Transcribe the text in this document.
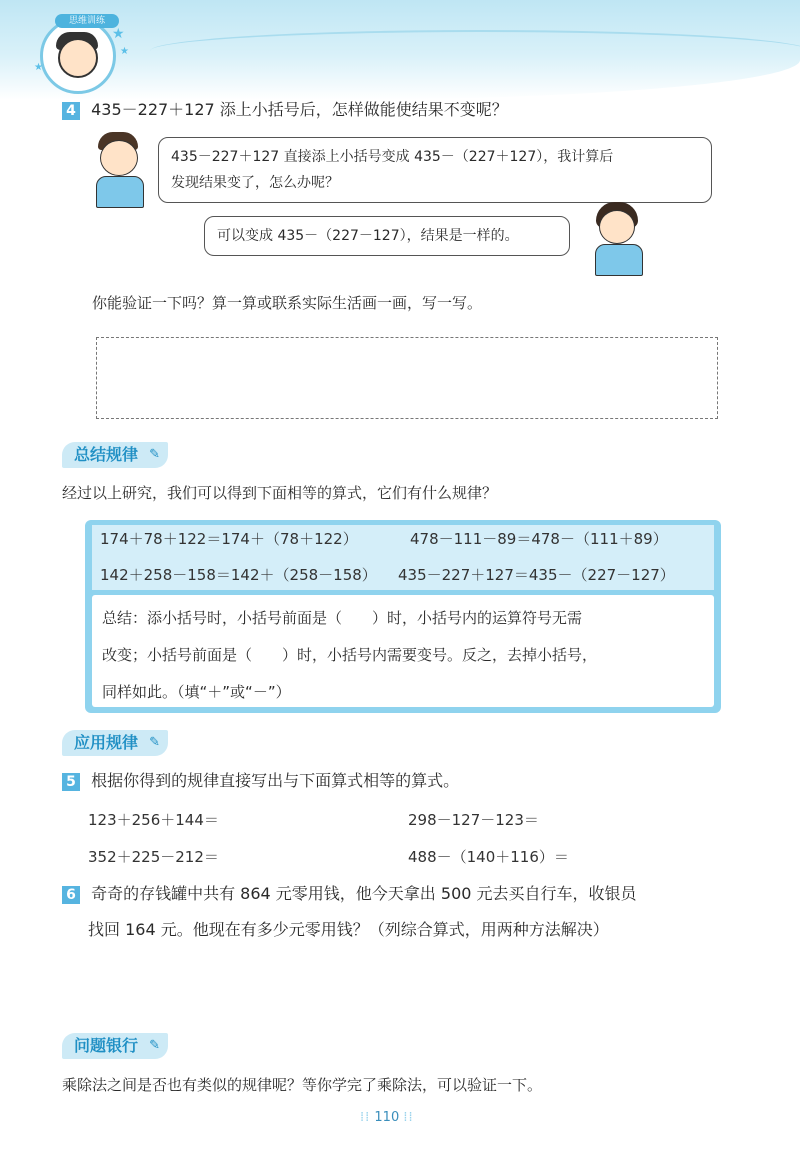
思维训练
★
★
★
4 435－227＋127 添上小括号后，怎样做能使结果不变呢？
435－227＋127 直接添上小括号变成 435－（227＋127），我计算后
发现结果变了，怎么办呢？
可以变成 435－（227－127），结果是一样的。
你能验证一下吗？算一算或联系实际生活画一画，写一写。
总结规律 ✎
经过以上研究，我们可以得到下面相等的算式，它们有什么规律？
174＋78＋122＝174＋（78＋122）	478－111－89＝478－（111＋89）
142＋258－158＝142＋（258－158） 435－227＋127＝435－（227－127）
总结：添小括号时，小括号前面是（　　）时，小括号内的运算符号无需
改变；小括号前面是（　　）时，小括号内需要变号。反之，去掉小括号，
同样如此。（填“＋”或“－”）
应用规律 ✎
5 根据你得到的规律直接写出与下面算式相等的算式。
123＋256＋144＝	298－127－123＝
352＋225－212＝	488－（140＋116）＝
6 奇奇的存钱罐中共有 864 元零用钱，他今天拿出 500 元去买自行车，收银员
找回 164 元。他现在有多少元零用钱？（列综合算式，用两种方法解决）
问题银行 ✎
乘除法之间是否也有类似的规律呢？等你学完了乘除法，可以验证一下。
⁞⁞ 110 ⁞⁞
